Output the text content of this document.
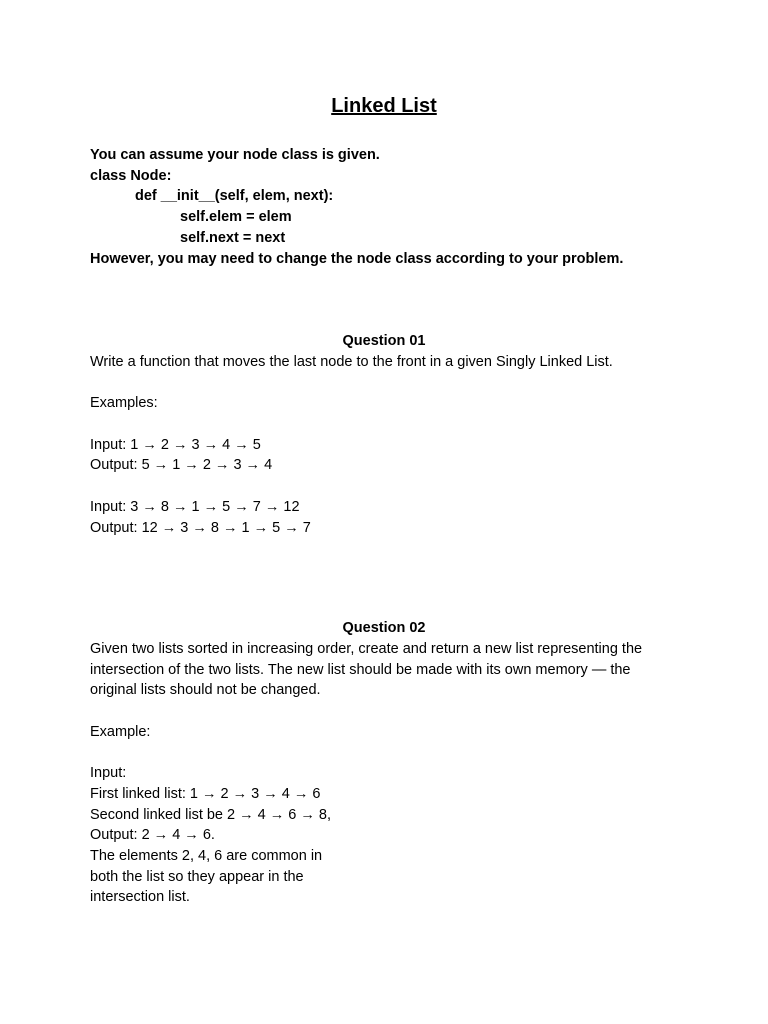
Linked List
You can assume your node class is given.
class Node:
def __init__(self, elem, next):
self.elem = elem
self.next = next
However, you may need to change the node class according to your problem.
Question 01
Write a function that moves the last node to the front in a given Singly Linked List.
Examples:
Input: 1 → 2 → 3 → 4 → 5
Output: 5 → 1 → 2 → 3 → 4
Input: 3 → 8 → 1 → 5 → 7 → 12
Output: 12 → 3 → 8 → 1 → 5 → 7
Question 02
Given two lists sorted in increasing order, create and return a new list representing the intersection of the two lists. The new list should be made with its own memory — the original lists should not be changed.
Example:
Input:
First linked list: 1 → 2 → 3 → 4 → 6
Second linked list be 2 → 4 → 6 → 8,
Output: 2 → 4 → 6.
The elements 2, 4, 6 are common in
both the list so they appear in the
intersection list.
